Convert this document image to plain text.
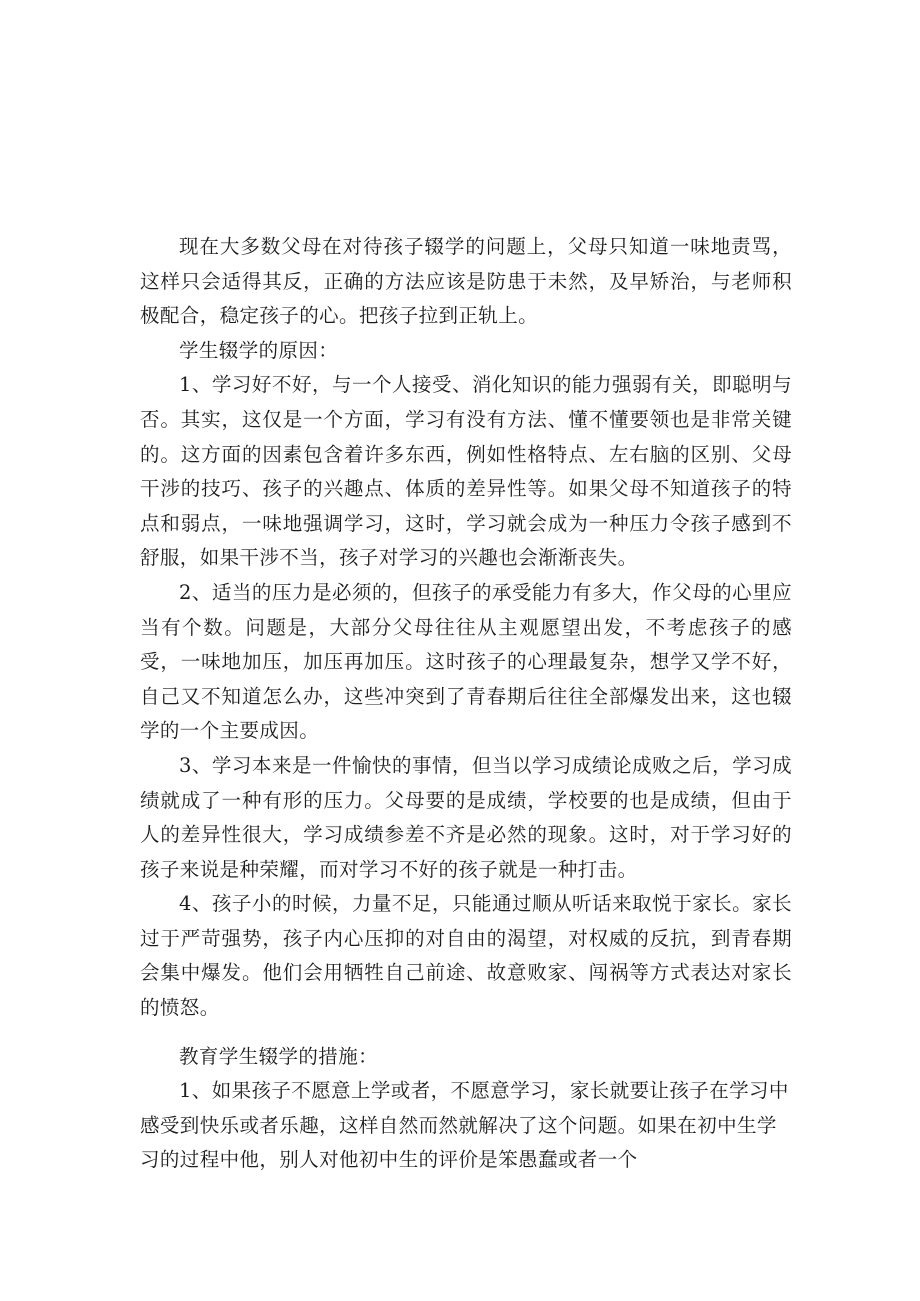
现在大多数父母在对待孩子辍学的问题上，父母只知道一味地责骂，这样只会适得其反，正确的方法应该是防患于未然，及早矫治，与老师积极配合，稳定孩子的心。把孩子拉到正轨上。

学生辍学的原因：

1、学习好不好，与一个人接受、消化知识的能力强弱有关，即聪明与否。其实，这仅是一个方面，学习有没有方法、懂不懂要领也是非常关键的。这方面的因素包含着许多东西，例如性格特点、左右脑的区别、父母干涉的技巧、孩子的兴趣点、体质的差异性等。如果父母不知道孩子的特点和弱点，一味地强调学习，这时，学习就会成为一种压力令孩子感到不舒服，如果干涉不当，孩子对学习的兴趣也会渐渐丧失。

2、适当的压力是必须的，但孩子的承受能力有多大，作父母的心里应当有个数。问题是，大部分父母往往从主观愿望出发，不考虑孩子的感受，一味地加压，加压再加压。这时孩子的心理最复杂，想学又学不好，自己又不知道怎么办，这些冲突到了青春期后往往全部爆发出来，这也辍学的一个主要成因。

3、学习本来是一件愉快的事情，但当以学习成绩论成败之后，学习成绩就成了一种有形的压力。父母要的是成绩，学校要的也是成绩，但由于人的差异性很大，学习成绩参差不齐是必然的现象。这时，对于学习好的孩子来说是种荣耀，而对学习不好的孩子就是一种打击。

4、孩子小的时候，力量不足，只能通过顺从听话来取悦于家长。家长过于严苛强势，孩子内心压抑的对自由的渴望，对权威的反抗，到青春期会集中爆发。他们会用牺牲自己前途、故意败家、闯祸等方式表达对家长的愤怒。

教育学生辍学的措施：

1、如果孩子不愿意上学或者，不愿意学习，家长就要让孩子在学习中感受到快乐或者乐趣，这样自然而然就解决了这个问题。如果在初中生学习的过程中他，别人对他初中生的评价是笨愚蠢或者一个
